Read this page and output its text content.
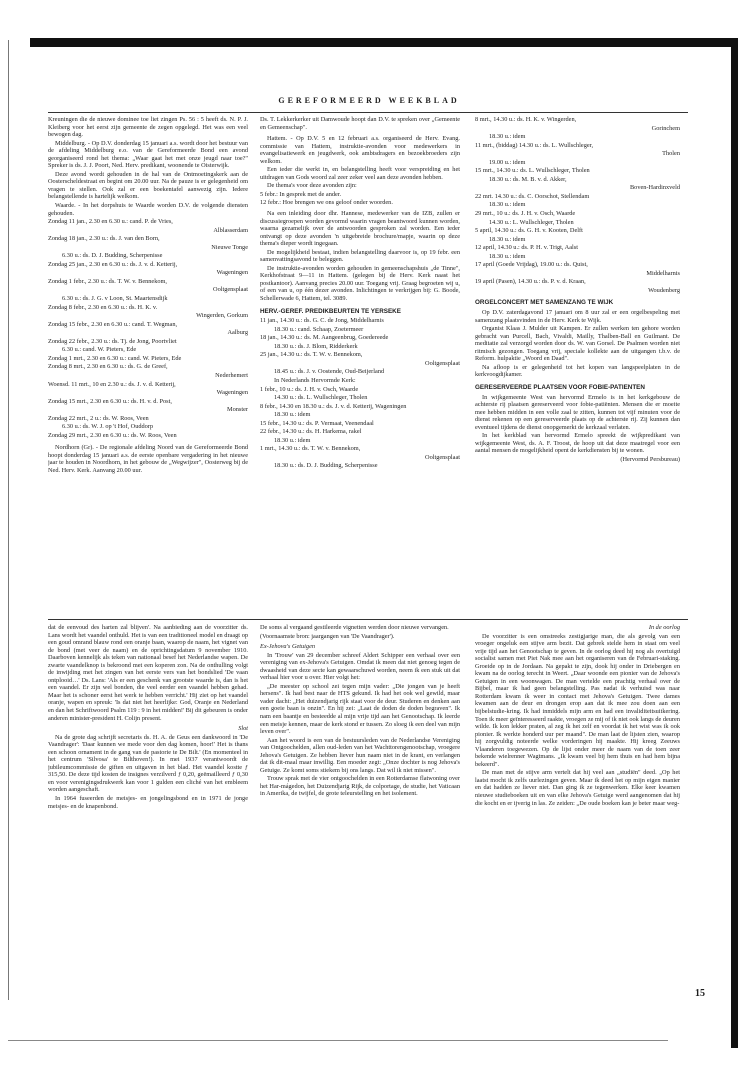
GEREFORMEERD WEEKBLAD

Kreuningen die de nieuwe dominee toe liet zingen Ps. 56 : 5 heeft ds. N. P. J. Kleiberg voor het eerst zijn gemeente de zegen opgelegd. Het was een veel bewogen dag.

Middelburg. - Op D.V. donderdag 15 januari a.s. wordt door het bestuur van de afdeling Middelburg e.o. van de Gereformeerde Bond een avond georganiseerd rond het thema: „Waar gaat het met onze jeugd naar toe?" Spreker is ds. J. J. Poort, Ned. Herv. predikant, woonende te Oisterwijk.

Deze avond wordt gehouden in de hal van de Ontmoetingskerk aan de Oosterscheldestraat en begint om 20.00 uur. Na de pauze is er gelegenheid om vragen te stellen. Ook zal er een boekentafel aanwezig zijn. Iedere belangstellende is hartelijk welkom.

Waarde. - In het dorpshuis te Waarde worden D.V. de volgende diensten gehouden.

Zondag 11 jan., 2.30 en 6.30 u.: cand. P. de Vries,

Alblasserdam

Zondag 18 jan., 2.30 u.: ds. J. van den Born,

Nieuwe Tonge

6.30 u.: ds. D. J. Budding, Scherpenisse

Zondag 25 jan., 2.30 en 6.30 u.: ds. J. v. d. Ketterij,

Wageningen

Zondag 1 febr., 2.30 u.: ds. T. W. v. Bennekom,

Ooltgensplaat

6.30 u.: ds. J. G. v Loon, St. Maartensdijk

Zondag 8 febr., 2.30 en 6.30 u.: ds. H. K. v.

Wingerden, Gorkum

Zondag 15 febr., 2.30 en 6.30 u.: cand. T. Wegman,

Aalburg

Zondag 22 febr., 2.30 u.: ds. Tj. de Jong, Poortvliet

6.30 u.: cand. W. Pieters, Ede

Zondag 1 mrt., 2.30 en 6.30 u.: cand. W. Pieters, Ede

Zondag 8 mrt., 2.30 en 6.30 u.: ds. G. de Greef,

Nederhemert

Woensd. 11 mrt., 10 en 2.30 u.: ds. J. v. d. Ketterij,

Wageningen

Zondag 15 mrt., 2.30 en 6.30 u.: ds. H. v. d. Post,

Monster

Zondag 22 mrt., 2 u.: ds. W. Roos, Veen

6.30 u.: ds. W. J. op 't Hof, Ouddorp

Zondag 29 mrt., 2.30 en 6.30 u.: ds. W. Roos, Veen

Nordhorn (Gr). - De regionale afdeling Noord van de Gereformeerde Bond hoopt donderdag 15 januari a.s. de eerste openbare vergadering in het nieuwe jaar te houden in Noordhorn, in het gebouw de „Wegwijzer", Oosterweg bij de Ned. Herv. Kerk. Aanvang 20.00 uur.

Ds. T. Lekkerkerker uit Damwoude hoopt dan D.V. te spreken over „Gemeente en Gemeenschap".

Hattem. - Op D.V. 5 en 12 februari a.s. organiseerd de Herv. Evang. commissie van Hattem, instruktie-avonden voor medewerkers in evangelisatiewerk en jeugdwerk, ook ambtsdragers en bezoekbroeders zijn welkom.

Een ieder die werkt in, en belangstelling heeft voor verspreiding en het uitdragen van Gods woord zal zeer zeker veel aan deze avonden hebben.

De thema's voor deze avonden zijn:

5 febr.: In gesprek met de ander.

12 febr.: Hoe brengen we ons geloof onder woorden.

Na een inleiding door dhr. Hannese, medewerker van de IZB, zullen er discussiegroepen worden gevormd waarin vragen beantwoord kunnen worden, waarna gezamelijk over de antwoorden gesproken zal worden. Een ieder ontvangt op deze avonden 'n uitgebreide brochure/mapje, waarin op deze thema's dieper wordt ingegaan.

De mogelijkheid bestaat, indien belangstelling daarvoor is, op 19 febr. een samenvattingsavond te beleggen.

De instruktie-avonden worden gehouden in gemeenschapshuis „de Tinne", Kerkhofstraat 9—11 in Hattem. (gelegen bij de Herv. Kerk naast het postkantoor). Aanvang precies 20.00 uur. Toegang vrij. Graag begroeten wij u, of een van u, op één dezer avonden. Inlichtingen te verkrijgen bij: G. Boode, Schellerwade 6, Hattem, tel. 3089.

HERV.-GEREF. PREDIKBEURTEN TE YERSEKE

11 jan., 14.30 u.: ds. G. C. de Jong, Middelharnis

18.30 u.: cand. Schaap, Zoetermeer

18 jan., 14.30 u.: ds. M. Aangeenbrug, Goedereede

18.30 u.: ds. J. Blom, Ridderkerk

25 jan., 14.30 u.: ds. T. W. v. Bennekom,

Ooltgensplaat

18.45 u.: ds. J. v. Oostende, Oud-Beijerland

In Nederlands Hervormde Kerk:

1 febr., 10 u.: ds. J. H. v. Osch, Waarde

14.30 u.: ds. L. Wullschleger, Tholen

8 febr., 14.30 en 18.30 u.: ds. J. v. d. Ketterij, Wageningen

18.30 u.: idem

15 febr., 14.30 u.: ds. P. Vermaat, Veenendaal

22 febr., 14.30 u.: ds. H. Harkema, rakel

18.30 u.: idem

1 mrt., 14.30 u.: ds. T. W. v. Bennekom,

Ooltgensplaat

18.30 u.: ds. D. J. Budding, Scherpenisse

8 mrt., 14.30 u.: ds. H. K. v. Wingerden,

Gorinchem

18.30 u.: idem

11 mrt., (biddag) 14.30 u.: ds. L. Wullschleger,

Tholen

19.00 u.: idem

15 mrt., 14.30 u.: ds. L. Wullschleger, Tholen

18.30 u.: ds. M. B. v. d. Akker,

Boven-Hardinxveld

22 mrt. 14.30 u.: ds. C. Oorschot, Stellendam

18.30 u.: idem

29 mrt., 10 u.: ds. J. H. v. Osch, Waarde

14.30 u.: L. Wullschleger, Tholen

5 april, 14.30 u.: ds. G. H. v. Kooten, Delft

18.30 u.: idem

12 april, 14.30 u.: ds. P. H. v. Trigt, Aalst

18.30 u.: idem

17 april (Goede Vrijdag), 19.00 u.: ds. Quist,

Middelharnis

19 april (Pasen), 14.30 u.: ds. P. v. d. Kraan,

Woudenberg

ORGELCONCERT MET SAMENZANG TE WIJK

Op D.V. zaterdagavond 17 januari om 8 uur zal er een orgelbespeling met samenzang plaatsvinden in de Herv. Kerk te Wijk.

Organist Klaas J. Mulder uit Kampen. Er zullen werken ten gehore worden gebracht van Purcell, Bach, Vivaldi, Mailly, Thalben-Ball en Guilmant. De meditatie zal verzorgd worden door ds. W. van Gorsel. De Psalmen worden niet ritmisch gezongen. Toegang vrij, speciale kollekte aan de uitgangen t.b.v. de Reform. hulpaktie „Woord en Daad".

Na afloop is er gelegenheid tot het kopen van langspeelplaten in de kerkvoogdijkamer.

GERESERVEERDE PLAATSEN VOOR FOBIE-PATIENTEN

In wijkgemeente West van hervormd Ermelo is in het kerkgebouw de achterste rij plaatsen gereserveerd voor fobie-patiënten. Mensen die er moeite mee hebben midden in een volle zaal te zitten, kunnen tot vijf minuten voor de dienst rekenen op een gereserveerde plaats op de achterste rij. Zij kunnen dan eventueel tijdens de dienst onopgemerkt de kerkzaal verlaten.

In het kerkblad van hervormd Ermelo spreekt de wijkpredikant van wijkgemeente West, ds. A. F. Troost, de hoop uit dat deze maatregel voor een aantal mensen de mogelijkheid opent de kerkdiensten bij te wonen.

(Hervormd Persbureau)

dat de eenvoud des harten zal blijven'. Na aanbieding aan de voorzitter ds. Lans wordt het vaandel onthuld. Het is van een traditioneel model en draagt op een goud omrand blauw rond een oranje baan, waarop de naam, het vignet van de bond (met veer de naam) en de oprichtingsdatum 9 november 1910. Daarboven kennelijk als teken van nationaal besef het Nederlandse wapen. De zwarte vaandelknop is bekroond met een koperen zon. Na de onthulling volgt de inwijding met het zingen van het eerste vers van het bondslied 'De vaan ontplooid…' Ds. Lans: 'Als er een geschenk van grootste waarde is, dan is het een vaandel. Er zijn wel bonden, die veel eerder een vaandel hebben gehad. Maar het is schoner eerst het werk te hebben verricht.' Hij ziet op het vaandel oranje, wapen en spreuk: 'Is dat niet het heerlijke: God, Oranje en Nederland en dan het Schriftwoord Psalm 119 : 9 in het midden!' Bij dit gebeuren is onder anderen minister-president H. Colijn present.

Slot

Na de grote dag schrijft secretaris ds. H. A. de Geus een dankwoord in 'De Vaandrager': 'Daar kunnen we mede voor den dag komen, hoor!' Het is thans een schoon ornament in de gang van de pastorie te De Bilt.' (En momenteel in het centrum 'Silvosa' te Bilthoven!). In mei 1937 verantwoordt de jubileumcommissie de giften en uitgaven in het blad. Het vaandel kostte ƒ 315,50. De deze tijd kosten de insignes verzilverd ƒ 0,20, geëmailleerd ƒ 0,30 en voor verenigingsdrukwerk kan voor 1 gulden een cliché van het embleem worden aangeschaft.

In 1964 fuseerden de meisjes- en jongelingsbond en in 1971 de jonge meisjes- en de knapenbond.

De soms al vergaand gestileerde vignetten werden door nieuwe vervangen.

(Voornaamste bron: jaargangen van 'De Vaandrager').

Ex-Jehova's Getuigen

In 'Trouw' van 29 december schreef Aldert Schipper een verhaal over een vereniging van ex-Jehova's Getuigen. Omdat ik meen dat niet genoeg tegen de dwaasheid van deze secte kan gewaarschuwd worden, neem ik een stuk uit dat verhaal hier voor u over. Hier volgt het:

„De meester op school zei tegen mijn vader: „Die jongen van je heeft hersens". Ik had best naar de HTS gekund. Ik had het ook wel gewild, maar vader dacht: „Het duizendjarig rijk staat voor de deur. Studeren en denken aan een goeie baan is onzin". En hij zei: „Laat de doden de doden begraven". Ik nam een baantje en besteedde al mijn vrije tijd aan het Genootschap. Ik leerde een meisje kennen, maar de kerk stond er tussen. Zo sloeg ik een deel van mijn leven over".

Aan het woord is een van de bestuursleden van de Nederlandse Vereniging van Ontgoochelden, allen oud-leden van het Wachttorengenootschap, vroegere Jehova's Getuigen. Ze hebben liever hun naam niet in de krant, en verlangen dat ik dit-maal maar inwillig. Een moeder zegt: „Onze dochter is nog Jehova's Getuige. Ze komt soms stiekem bij ons langs. Dat wil ik niet missen".

Trouw sprak met de vier ontgoochelden in een Rotterdamse flatwoning over het Har-mágedon, het Duizendjarig Rijk, de colportage, de studie, het Vaticaan in Amerika, de twijfel, de grote teleurstelling en het isolement.

In de oorlog

De voorzitter is een omstreeks zestigjarige man, die als gevolg van een vroeger ongeluk een stijve arm bezit. Dat gebrek stelde hem in staat om veel vrije tijd aan het Genootschap te geven. In de oorlog deed hij nog als overtuigd socialist samen met Piet Nak mee aan het organiseren van de Februari-staking. Groeide op in de Jordaan. Na gepakt te zijn, dook hij onder in Driebergen en kwam na de oorlog terecht in Weert. „Daar woonde een pionier van de Jehova's Getuigen in een woonwagen. De man vertelde een prachtig verhaal over de Bijbel, maar ik had geen belangstelling. Pas nadat ik verhuisd was naar Rotterdam kwam ik weer in contact met Jehova's Getuigen. Twee dames kwamen aan de deur en drongen erop aan dat ik mee zou doen aan een bijbelstudie-kring. Ik had inmiddels mijn arm en had een invaliditeitsuitkering. Toen ik meer geïnteresseerd raakte, vroegen ze mij of ik niet ook langs de deuren wilde. Ik kon lekker praten, al zeg ik het zelf en voordat ik het wist was ik ook pionier. Ik werkte honderd uur per maand". De man laat de lijsten zien, waarop hij zorgvuldig noteerde welke vorderingen hij maakte. Hij kreeg Zeeuws Vlaanderen toegewezen. Op de lijst onder meer de naam van de toen zeer bekende wielrenner Wagtmans. „Ik kwam veel bij hem thuis en had hem bijna bekeerd".

De man met de stijve arm vertelt dat hij veel aan „studiën" deed. „Op het laatst mocht ik zelfs uurlezingen geven. Maar ik deed het op mijn eigen manier en dat hadden ze liever niet. Dan ging ik ze tegenwerken. Elke keer kwamen nieuwe studieboeken uit en van elke Jehova's Getuige werd aangenomen dat hij die kocht en er ijverig in las. Ze zeiden: „De oude boeken kan je beter maar weg-

15
